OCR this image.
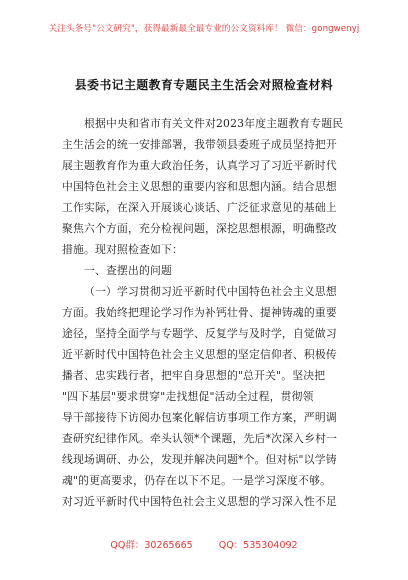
关注头条号"公文研究"，获得最新最全最专业的公文资料库！ 微信：gongwenyj
县委书记主题教育专题民主生活会对照检查材料
根据中央和省市有关文件对2023年度主题教育专题民
主生活会的统一安排部署，我带领县委班子成员坚持把开
展主题教育作为重大政治任务，认真学习了习近平新时代
中国特色社会主义思想的重要内容和思想内涵。结合思想
工作实际，在深入开展谈心谈话、广泛征求意见的基础上
聚焦六个方面，充分检视问题，深挖思想根源，明确整改
措施。现对照检查如下：
一、查摆出的问题
（一）学习贯彻习近平新时代中国特色社会主义思想
方面。我始终把理论学习作为补钙壮骨、提神铸魂的重要
途径，坚持全面学与专题学、反复学与及时学，自觉做习
近平新时代中国特色社会主义思想的坚定信仰者、积极传
播者、忠实践行者，把牢自身思想的"总开关"。坚决把
"四下基层"要求贯穿"走找想促"活动全过程，贯彻领
导干部接待下访阅办包案化解信访事项工作方案，严明调
查研究纪律作风。牵头认领*个课题，先后*次深入乡村一
线现场调研、办公，发现并解决问题*个。但对标"以学铸
魂"的更高要求，仍存在以下不足。一是学习深度不够。
对习近平新时代中国特色社会主义思想的学习深入性不足
QQ群：30265665	QQ：535304092
